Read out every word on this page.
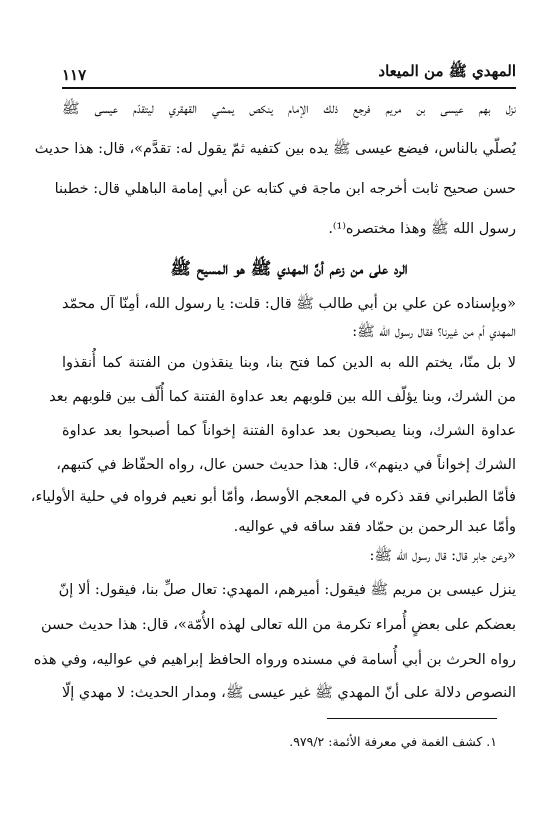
المهدي ﷺ من الميعاد
١١٧
نزل بهم عيسى بن مريم فرجع ذلك الإمام ينكص يمشي القهقري ليتقدّم عيسى ﷺ
يُصلّي بالناس، فيضع عيسى ﷺ يده بين كتفيه ثمّ يقول له: تقدَّم»، قال: هذا حديث
حسن صحيح ثابت أخرجه ابن ماجة في كتابه عن أبي إمامة الباهلي قال: خطبنا
رسول الله ﷺ وهذا مختصره⁽¹⁾.
الرد على من زعم أنَّ المهدي ﷺ هو المسيح ﷺ
«وبإسناده عن علي بن أبي طالب ﷺ قال: قلت: يا رسول الله، أمِنّا آل محمّد
المهدي أم من غيرنا؟ فقال رسول الله ﷺ:
لا بل منّا، يختم الله به الدين كما فتح بنا، وبنا ينقذون من الفتنة كما أُنقذوا
من الشرك، وبنا يؤلّف الله بين قلوبهم بعد عداوة الفتنة كما أُلّف بين قلوبهم بعد
عداوة الشرك، وبنا يصبحون بعد عداوة الفتنة إخواناً كما أصبحوا بعد عداوة
الشرك إخواناً في دينهم»، قال: هذا حديث حسن عال، رواه الحفّاظ في كتبهم،
فأمّا الطبراني فقد ذكره في المعجم الأوسط، وأمّا أبو نعيم فرواه في حلية الأولياء،
وأمّا عبد الرحمن بن حمّاد فقد ساقه في عواليه.
«وعن جابر قال: قال رسول الله ﷺ:
ينزل عيسى بن مريم ﷺ فيقول: أميرهم، المهدي: تعال صلِّ بنا، فيقول: ألا إنّ
بعضكم على بعضٍ أُمراء تكرمة من الله تعالى لهذه الأُمّة»، قال: هذا حديث حسن
رواه الحرث بن أبي أُسامة في مسنده ورواه الحافظ إبراهيم في عواليه، وفي هذه
النصوص دلالة على أنّ المهدي ﷺ غير عيسى ﷺ، ومدار الحديث: لا مهدي إلّا
١. كشف الغمة في معرفة الأئمة: ٩٧٩/٢.
